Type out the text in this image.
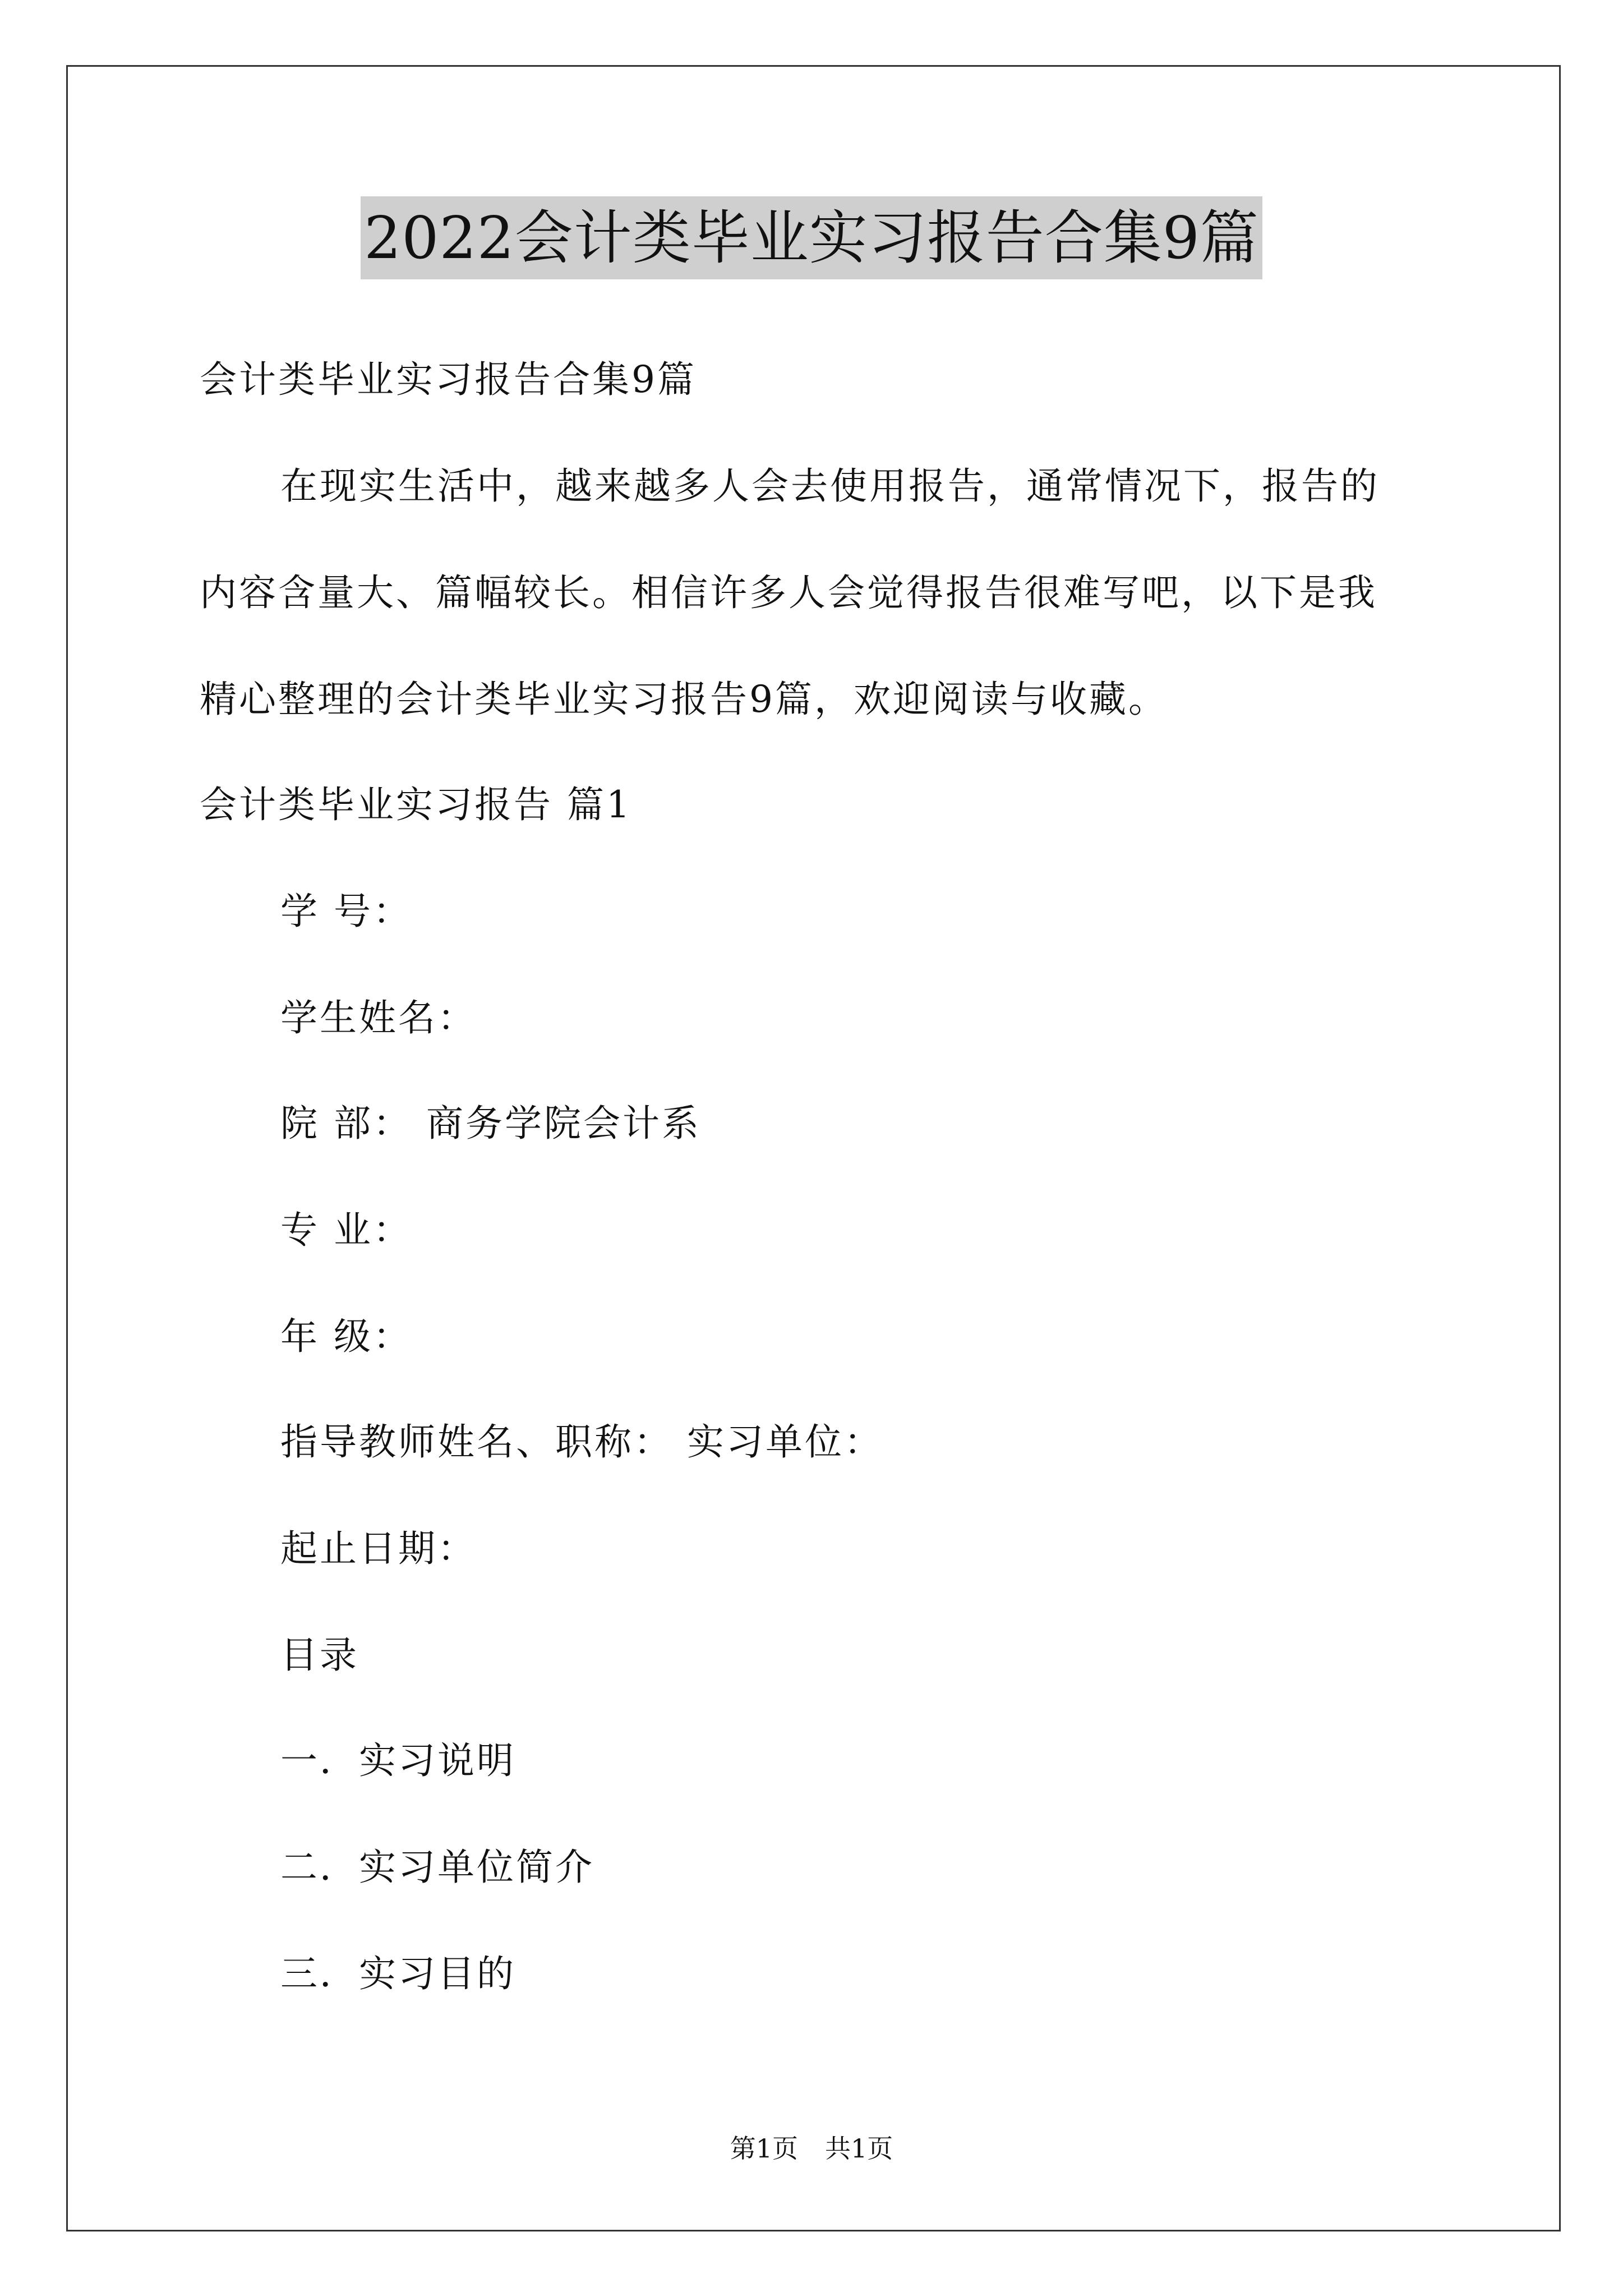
2022会计类毕业实习报告合集9篇
会计类毕业实习报告合集9篇
在现实生活中，越来越多人会去使用报告，通常情况下，报告的
内容含量大、篇幅较长。相信许多人会觉得报告很难写吧，以下是我
精心整理的会计类毕业实习报告9篇，欢迎阅读与收藏。
会计类毕业实习报告 篇1
学 号：
学生姓名：
院 部： 商务学院会计系
专 业：
年 级：
指导教师姓名、职称： 实习单位：
起止日期：
目录
一．实习说明
二．实习单位简介
三．实习目的
第1页 共1页
